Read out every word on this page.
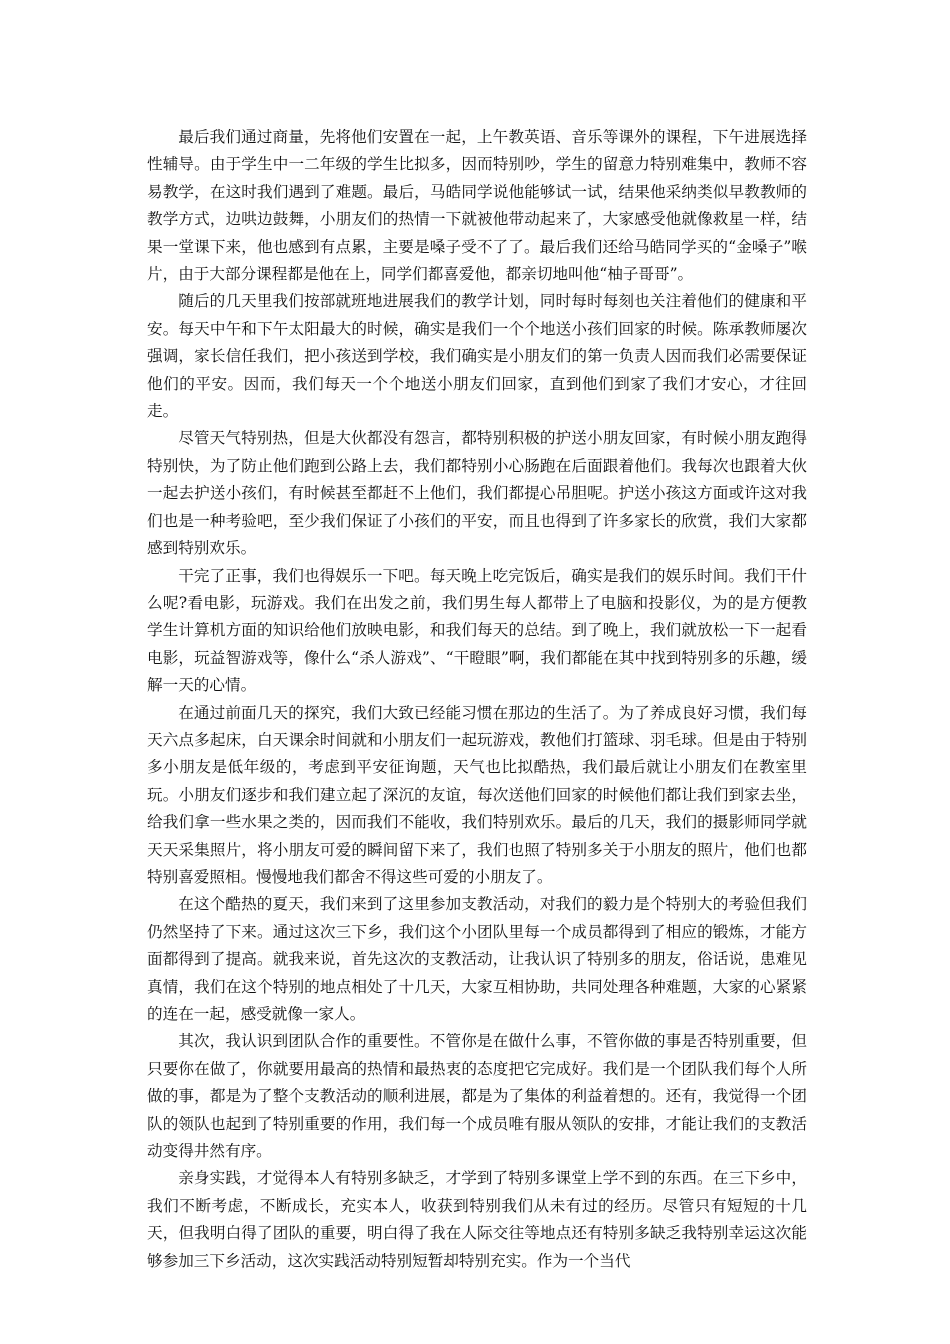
最后我们通过商量，先将他们安置在一起，上午教英语、音乐等课外的课程，下午进展选择性辅导。由于学生中一二年级的学生比拟多，因而特别吵，学生的留意力特别难集中，教师不容易教学，在这时我们遇到了难题。最后，马皓同学说他能够试一试，结果他采纳类似早教教师的教学方式，边哄边鼓舞，小朋友们的热情一下就被他带动起来了，大家感受他就像救星一样，结果一堂课下来，他也感到有点累，主要是嗓子受不了了。最后我们还给马皓同学买的“金嗓子”喉片，由于大部分课程都是他在上，同学们都喜爱他，都亲切地叫他“柚子哥哥”。

随后的几天里我们按部就班地进展我们的教学计划，同时每时每刻也关注着他们的健康和平安。每天中午和下午太阳最大的时候，确实是我们一个个地送小孩们回家的时候。陈承教师屡次强调，家长信任我们，把小孩送到学校，我们确实是小朋友们的第一负责人因而我们必需要保证他们的平安。因而，我们每天一个个地送小朋友们回家，直到他们到家了我们才安心，才往回走。

尽管天气特别热，但是大伙都没有怨言，都特别积极的护送小朋友回家，有时候小朋友跑得特别快，为了防止他们跑到公路上去，我们都特别小心肠跑在后面跟着他们。我每次也跟着大伙一起去护送小孩们，有时候甚至都赶不上他们，我们都提心吊胆呢。护送小孩这方面或许这对我们也是一种考验吧，至少我们保证了小孩们的平安，而且也得到了许多家长的欣赏，我们大家都感到特别欢乐。

干完了正事，我们也得娱乐一下吧。每天晚上吃完饭后，确实是我们的娱乐时间。我们干什么呢?看电影，玩游戏。我们在出发之前，我们男生每人都带上了电脑和投影仪，为的是方便教学生计算机方面的知识给他们放映电影，和我们每天的总结。到了晚上，我们就放松一下一起看电影，玩益智游戏等，像什么“杀人游戏”、“干瞪眼”啊，我们都能在其中找到特别多的乐趣，缓解一天的心情。

在通过前面几天的探究，我们大致已经能习惯在那边的生活了。为了养成良好习惯，我们每天六点多起床，白天课余时间就和小朋友们一起玩游戏，教他们打篮球、羽毛球。但是由于特别多小朋友是低年级的，考虑到平安征询题，天气也比拟酷热，我们最后就让小朋友们在教室里玩。小朋友们逐步和我们建立起了深沉的友谊，每次送他们回家的时候他们都让我们到家去坐，给我们拿一些水果之类的，因而我们不能收，我们特别欢乐。最后的几天，我们的摄影师同学就天天采集照片，将小朋友可爱的瞬间留下来了，我们也照了特别多关于小朋友的照片，他们也都特别喜爱照相。慢慢地我们都舍不得这些可爱的小朋友了。

在这个酷热的夏天，我们来到了这里参加支教活动，对我们的毅力是个特别大的考验但我们仍然坚持了下来。通过这次三下乡，我们这个小团队里每一个成员都得到了相应的锻炼，才能方面都得到了提高。就我来说，首先这次的支教活动，让我认识了特别多的朋友，俗话说，患难见真情，我们在这个特别的地点相处了十几天，大家互相协助，共同处理各种难题，大家的心紧紧的连在一起，感受就像一家人。

其次，我认识到团队合作的重要性。不管你是在做什么事，不管你做的事是否特别重要，但只要你在做了，你就要用最高的热情和最热衷的态度把它完成好。我们是一个团队我们每个人所做的事，都是为了整个支教活动的顺利进展，都是为了集体的利益着想的。还有，我觉得一个团队的领队也起到了特别重要的作用，我们每一个成员唯有服从领队的安排，才能让我们的支教活动变得井然有序。

亲身实践，才觉得本人有特别多缺乏，才学到了特别多课堂上学不到的东西。在三下乡中，我们不断考虑，不断成长，充实本人，收获到特别我们从未有过的经历。尽管只有短短的十几天，但我明白得了团队的重要，明白得了我在人际交往等地点还有特别多缺乏我特别幸运这次能够参加三下乡活动，这次实践活动特别短暂却特别充实。作为一个当代
